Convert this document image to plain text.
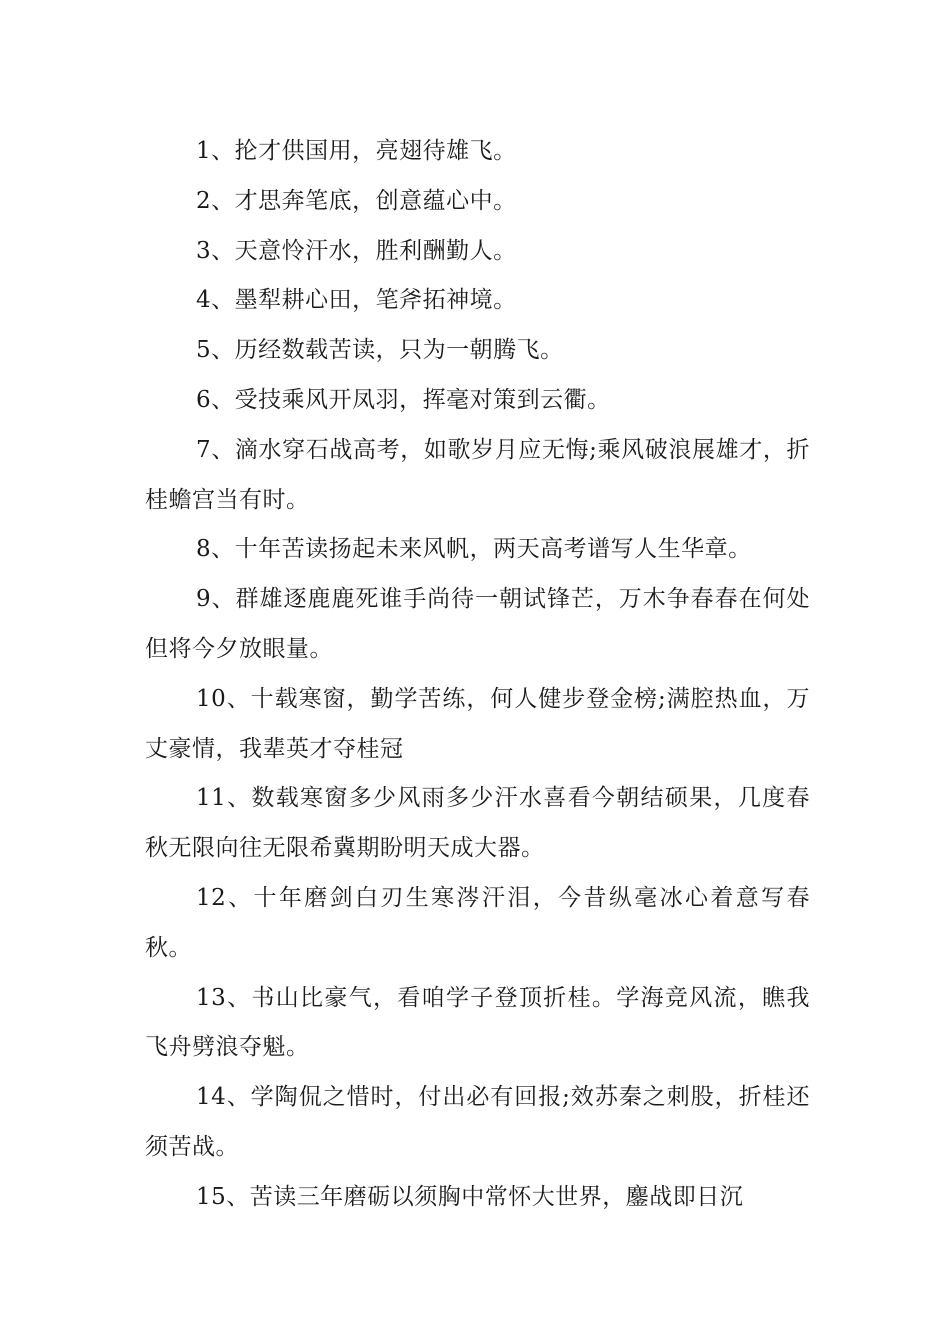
1、抡才供国用，亮翅待雄飞。

2、才思奔笔底，创意蕴心中。

3、天意怜汗水，胜利酬勤人。

4、墨犁耕心田，笔斧拓神境。

5、历经数载苦读，只为一朝腾飞。

6、受技乘风开凤羽，挥毫对策到云衢。

7、滴水穿石战高考，如歌岁月应无悔;乘风破浪展雄才，折桂蟾宫当有时。

8、十年苦读扬起未来风帆，两天高考谱写人生华章。

9、群雄逐鹿鹿死谁手尚待一朝试锋芒，万木争春春在何处但将今夕放眼量。

10、十载寒窗，勤学苦练，何人健步登金榜;满腔热血，万丈豪情，我辈英才夺桂冠

11、数载寒窗多少风雨多少汗水喜看今朝结硕果，几度春秋无限向往无限希冀期盼明天成大器。

12、十年磨剑白刃生寒涔汗泪，今昔纵毫冰心着意写春秋。

13、书山比豪气，看咱学子登顶折桂。学海竞风流，瞧我飞舟劈浪夺魁。

14、学陶侃之惜时，付出必有回报;效苏秦之刺股，折桂还须苦战。

15、苦读三年磨砺以须胸中常怀大世界，鏖战即日沉
